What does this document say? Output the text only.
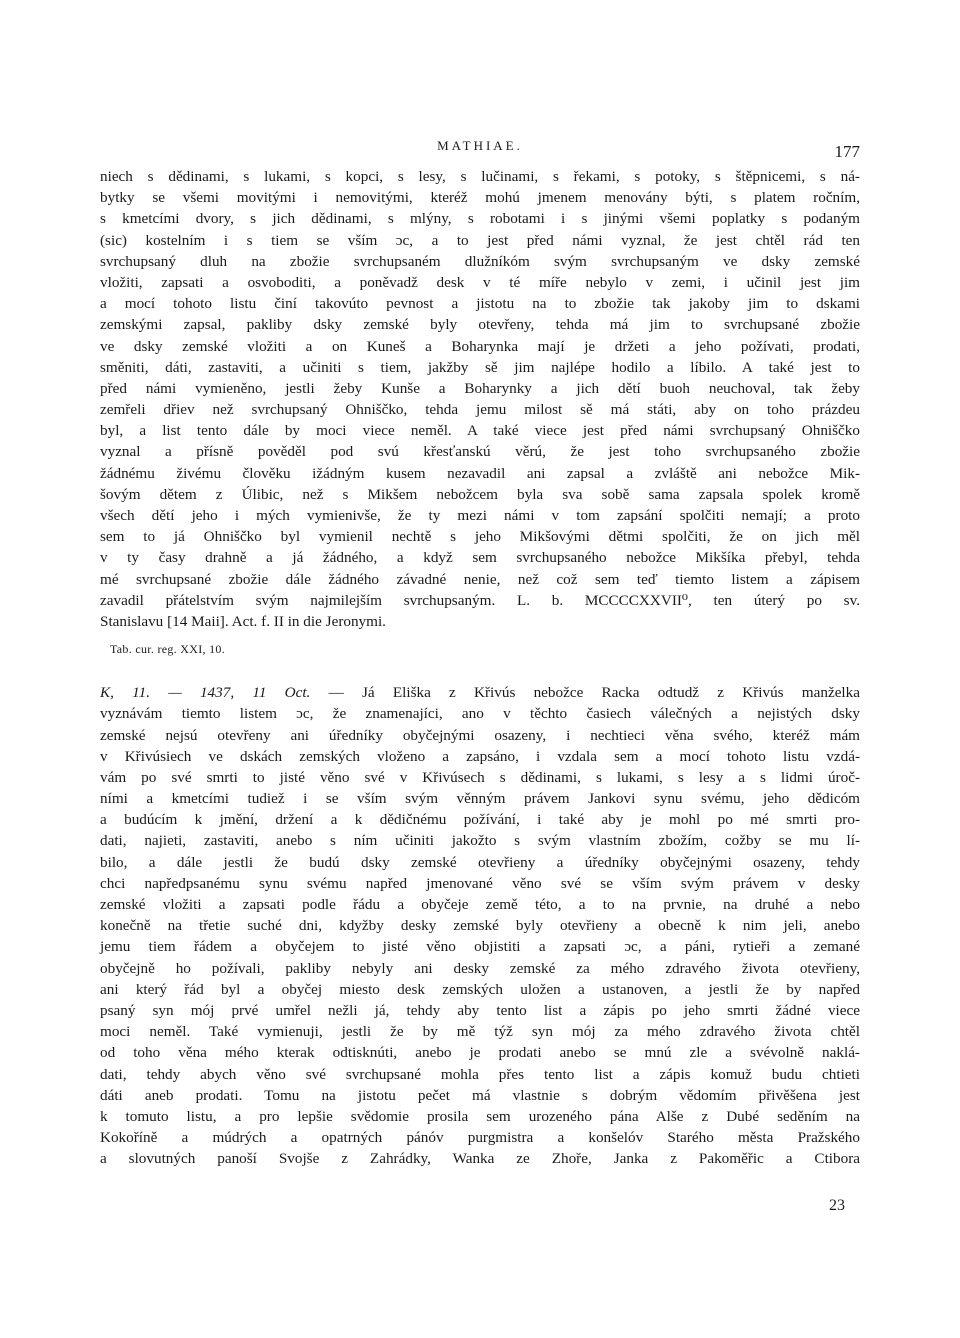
MATHIAE.	177
niech s dědinami, s lukami, s kopci, s lesy, s lučinami, s řekami, s potoky, s štěpnicemi, s ná-
bytky se všemi movitými i nemovitými, kteréž mohú jmenem menovány býti, s platem ročním,
s kmetcími dvory, s jich dědinami, s mlýny, s robotami i s jinými všemi poplatky s podaným
(sic) kostelním i s tiem se vším ɔc, a to jest před námi vyznal, že jest chtěl rád ten
svrchupsaný dluh na zbožie svrchupsaném dlužníkóm svým svrchupsaným ve dsky zemské
vložiti, zapsati a osvoboditi, a poněvadž desk v té míře nebylo v zemi, i učinil jest jim
a mocí tohoto listu činí takovúto pevnost a jistotu na to zbožie tak jakoby jim to dskami
zemskými zapsal, pakliby dsky zemské byly otevřeny, tehda má jim to svrchupsané zbožie
ve dsky zemské vložiti a on Kuneš a Boharynka mají je držeti a jeho požívati, prodati,
směniti, dáti, zastaviti, a učiniti s tiem, jakžby sě jim najlépe hodilo a líbilo. A také jest to
před námi vymieněno, jestli žeby Kunše a Boharynky a jich dětí buoh neuchoval, tak žeby
zemřeli dřiev než svrchupsaný Ohniščko, tehda jemu milost sě má státi, aby on toho prázdeu
byl, a list tento dále by moci viece neměl. A také viece jest před námi svrchupsaný Ohniščko
vyznal a přísně pověděl pod svú křesťanskú věrú, že jest toho svrchupsaného zbožie
žádnému živému člověku ižádným kusem nezavadil ani zapsal a zvláště ani nebožce Mik-
šovým dětem z Úlibic, než s Mikšem nebožcem byla sva sobě sama zapsala spolek kromě
všech dětí jeho i mých vymienivše, že ty mezi námi v tom zapsání spolčiti nemají; a proto
sem to já Ohniščko byl vymienil nechtě s jeho Mikšovými dětmi spolčiti, že on jich měl
v ty časy drahně a já žádného, a když sem svrchupsaného nebožce Mikšíka přebyl, tehda
mé svrchupsané zbožie dále žádného závadné nenie, než což sem teď tiemto listem a zápisem
zavadil přátelstvím svým najmilejším svrchupsaným. L. b. MCCCCXXVII⁰, ten úterý po sv.
Stanislavu [14 Maii]. Act. f. II in die Jeronymi.
Tab. cur. reg. XXI, 10.
K, 11. — 1437, 11 Oct. — Já Eliška z Křivús nebožce Racka odtudž z Křivús manželka
vyznávám tiemto listem ɔc, že znamenajíci, ano v těchto časiech válečných a nejistých dsky
zemské nejsú otevřeny ani úředníky obyčejnými osazeny, i nechtieci věna svého, kteréž mám
v Křivúsiech ve dskách zemských vloženo a zapsáno, i vzdala sem a mocí tohoto listu vzdá-
vám po své smrti to jisté věno své v Křivúsech s dědinami, s lukami, s lesy a s lidmi úroč-
ními a kmetcími tudiež i se vším svým věnným právem Jankovi synu svému, jeho dědicóm
a budúcím k jmění, držení a k dědičnému požívání, i také aby je mohl po mé smrti pro-
dati, najieti, zastaviti, anebo s ním učiniti jakožto s svým vlastním zbožím, cožby se mu lí-
bilo, a dále jestli že budú dsky zemské otevřieny a úředníky obyčejnými osazeny, tehdy
chci napředpsanému synu svému napřed jmenované věno své se vším svým právem v desky
zemské vložiti a zapsati podle řádu a obyčeje země této, a to na prvnie, na druhé a nebo
konečně na třetie suché dni, kdyžby desky zemské byly otevřieny a obecně k nim jeli, anebo
jemu tiem řádem a obyčejem to jisté věno objistiti a zapsati ɔc, a páni, rytieři a zemané
obyčejně ho požívali, pakliby nebyly ani desky zemské za mého zdravého života otevřieny,
ani který řád byl a obyčej miesto desk zemských uložen a ustanoven, a jestli že by napřed
psaný syn mój prvé umřel nežli já, tehdy aby tento list a zápis po jeho smrti žádné viece
moci neměl. Také vymienuji, jestli že by mě týž syn mój za mého zdravého života chtěl
od toho věna mého kterak odtisknúti, anebo je prodati anebo se mnú zle a svévolně naklá-
dati, tehdy abych věno své svrchupsané mohla přes tento list a zápis komuž budu chtieti
dáti aneb prodati. Tomu na jistotu pečet má vlastnie s dobrým vědomím přivěšena jest
k tomuto listu, a pro lepšie svědomie prosila sem urozeného pána Alše z Dubé seděním na
Kokoříně a múdrých a opatrných pánóv purgmistra a konšelóv Starého města Pražského
a slovutných panoší Svojše z Zahrádky, Wanka ze Zhoře, Janka z Pakoměřic a Ctibora
23
